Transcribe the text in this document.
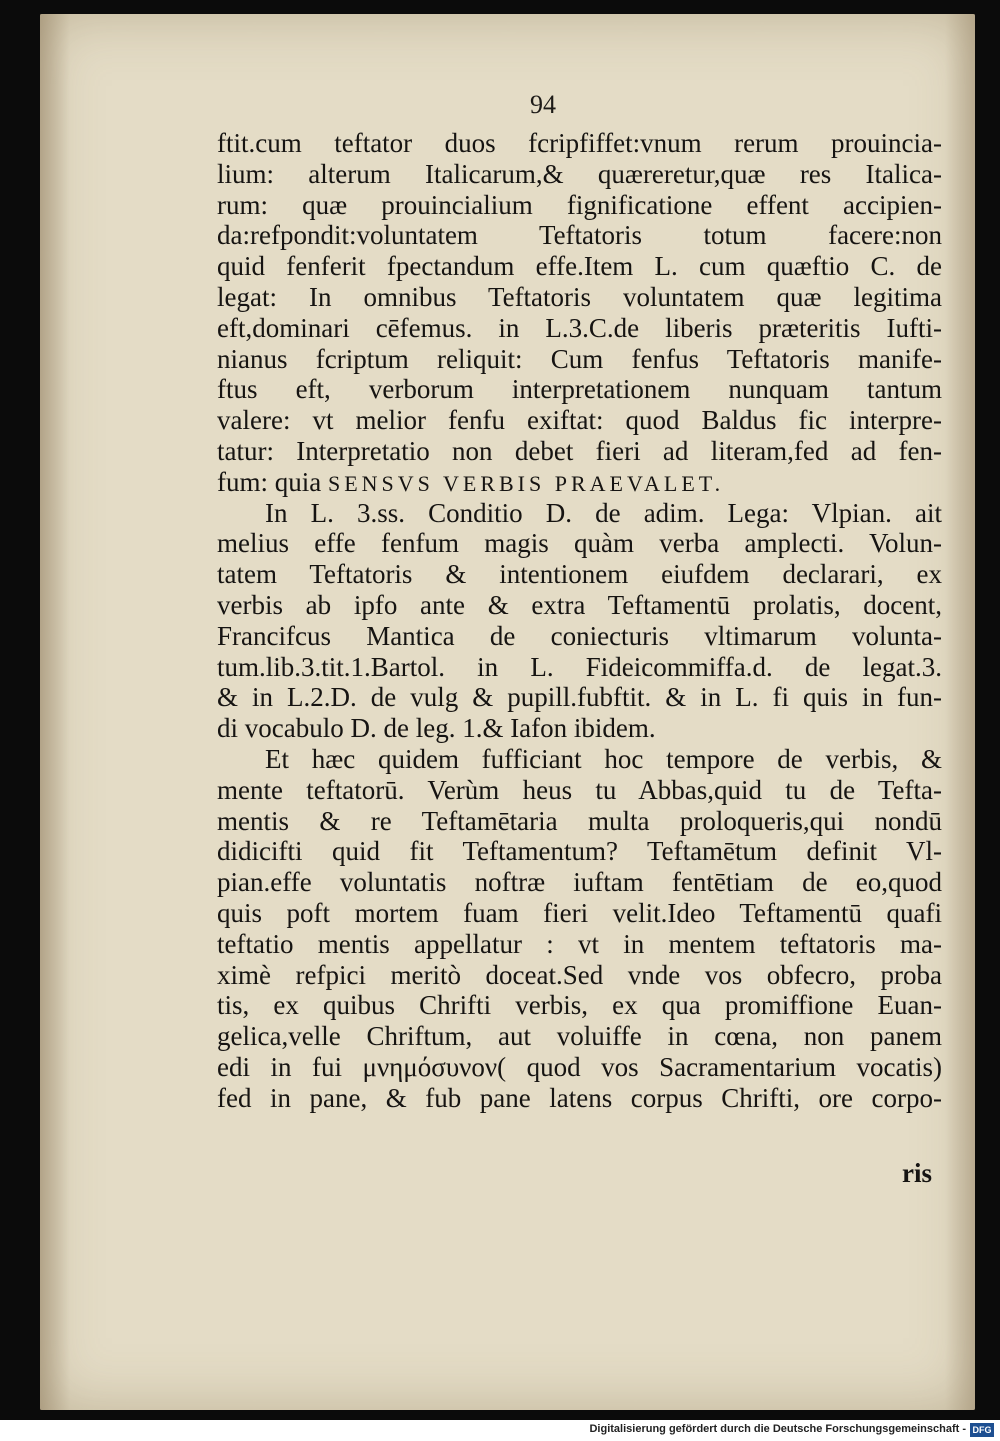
94
ftit.cum teftator duos fcripfiffet:vnum rerum prouincia-
lium: alterum Italicarum,& quæreretur,quæ res Italica-
rum: quæ prouincialium fignificatione effent accipien-
da:refpondit:voluntatem Teftatoris totum facere:non
quid fenferit fpectandum effe.Item L. cum quæftio C. de
legat: In omnibus Teftatoris voluntatem quæ legitima
eft,dominari cēfemus. in L.3.C.de liberis præteritis Iufti-
nianus fcriptum reliquit: Cum fenfus Teftatoris manife-
ftus eft, verborum interpretationem nunquam tantum
valere: vt melior fenfu exiftat: quod Baldus fic interpre-
tatur: Interpretatio non debet fieri ad literam,fed ad fen-
fum: quia SENSVS VERBIS PRAEVALET.
In L. 3.ss. Conditio D. de adim. Lega: Vlpian. ait
melius effe fenfum magis quàm verba amplecti. Volun-
tatem Teftatoris & intentionem eiufdem declarari, ex
verbis ab ipfo ante & extra Teftamentū prolatis, docent,
Francifcus Mantica de coniecturis vltimarum volunta-
tum.lib.3.tit.1.Bartol. in L. Fideicommiffa.d. de legat.3.
& in L.2.D. de vulg & pupill.fubftit. & in L. fi quis in fun-
di vocabulo D. de leg. 1.& Iafon ibidem.
Et hæc quidem fufficiant hoc tempore de verbis, &
mente teftatorū. Verùm heus tu Abbas,quid tu de Tefta-
mentis & re Teftamētaria multa proloqueris,qui nondū
didicifti quid fit Teftamentum? Teftamētum definit Vl-
pian.effe voluntatis noftræ iuftam fentētiam de eo,quod
quis poft mortem fuam fieri velit.Ideo Teftamentū quafi
teftatio mentis appellatur : vt in mentem teftatoris ma-
ximè refpici meritò doceat.Sed vnde vos obfecro, proba
tis, ex quibus Chrifti verbis, ex qua promiffione Euan-
gelica,velle Chriftum, aut voluiffe in cœna, non panem
edi in fui μνημόσυνον( quod vos Sacramentarium vocatis)
fed in pane, & fub pane latens corpus Chrifti, ore corpo-
ris
Digitalisierung gefördert durch die Deutsche Forschungsgemeinschaft - DFG
